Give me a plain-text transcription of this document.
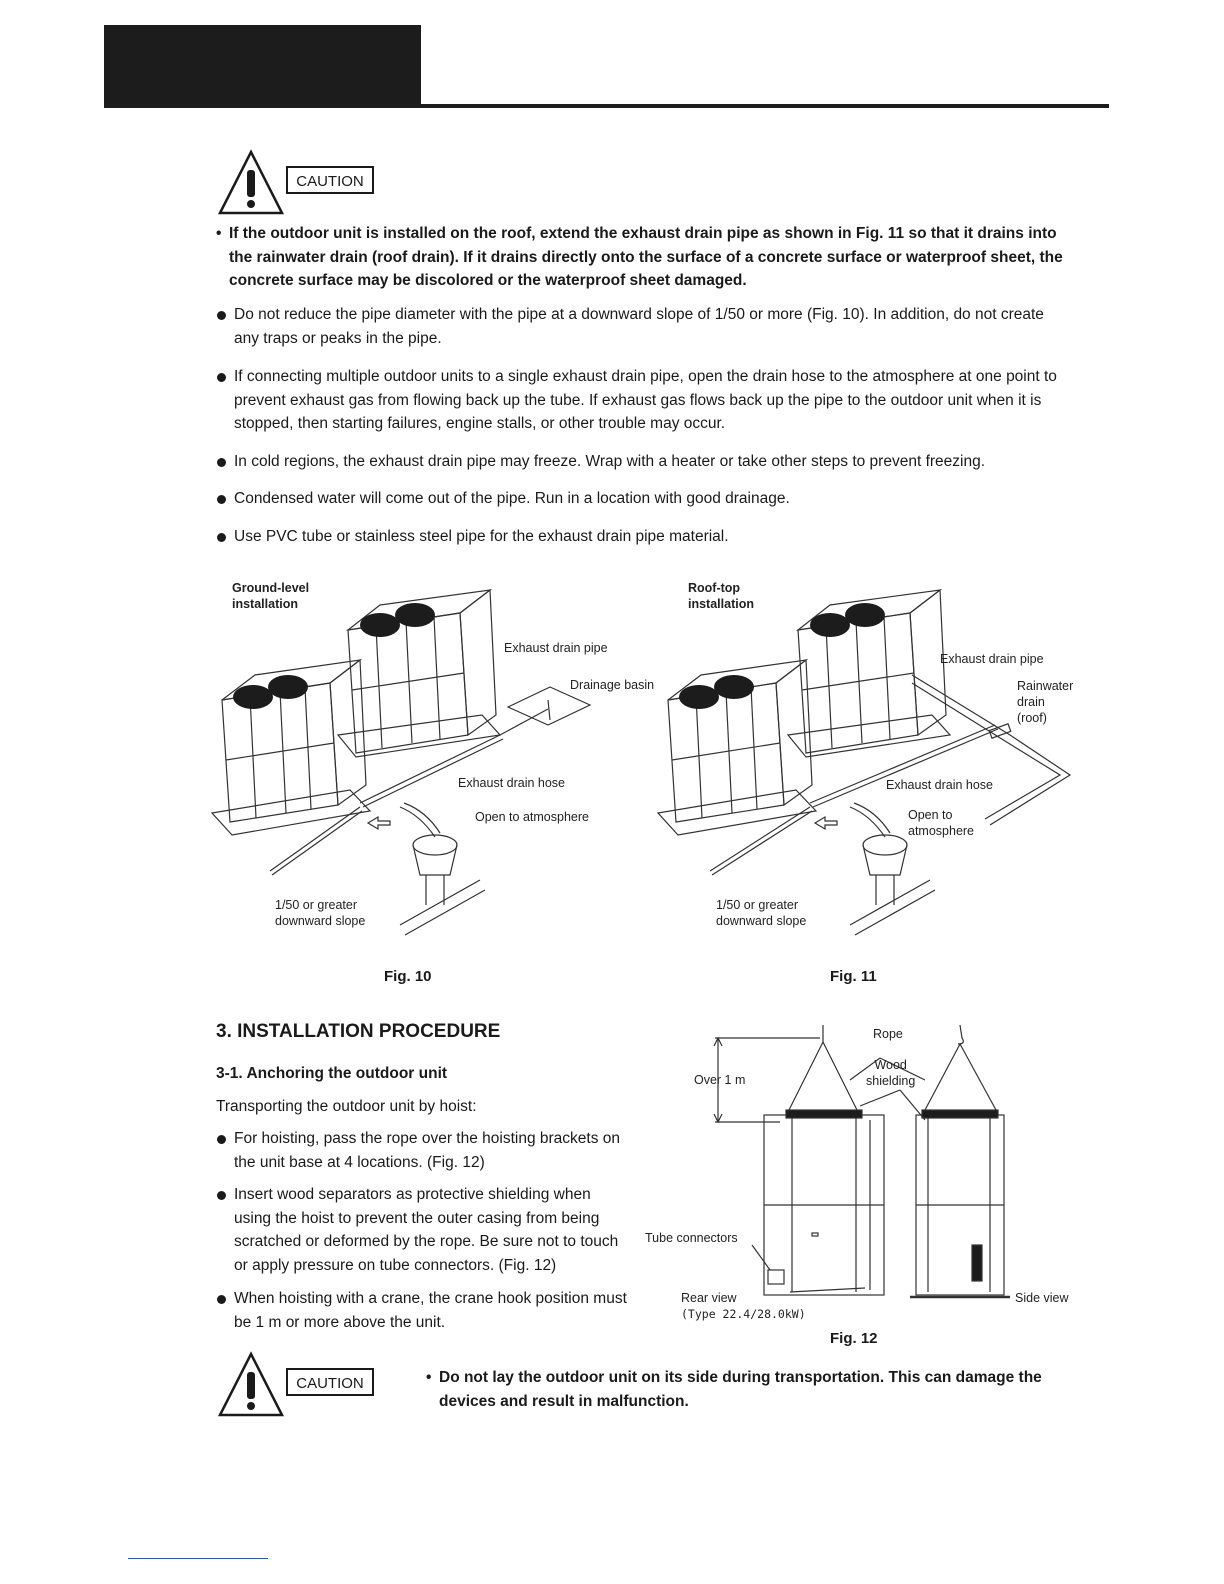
CAUTION
• If the outdoor unit is installed on the roof, extend the exhaust drain pipe as shown in Fig. 11 so that it drains into the rainwater drain (roof drain). If it drains directly onto the surface of a concrete surface or waterproof sheet, the concrete surface may be discolored or the waterproof sheet damaged.
Do not reduce the pipe diameter with the pipe at a downward slope of 1/50 or more (Fig. 10). In addition, do not create any traps or peaks in the pipe.
If connecting multiple outdoor units to a single exhaust drain pipe, open the drain hose to the atmosphere at one point to prevent exhaust gas from flowing back up the tube. If exhaust gas flows back up the pipe to the outdoor unit when it is stopped, then starting failures, engine stalls, or other trouble may occur.
In cold regions, the exhaust drain pipe may freeze. Wrap with a heater or take other steps to prevent freezing.
Condensed water will come out of the pipe. Run in a location with good drainage.
Use PVC tube or stainless steel pipe for the exhaust drain pipe material.
Ground-level
installation
Exhaust drain pipe
Drainage basin
Exhaust drain hose
Open to atmosphere
1/50 or greater
downward slope
Fig. 10
Roof-top
installation
Exhaust drain pipe
Rainwater
drain
(roof)
Exhaust drain hose
Open to
atmosphere
1/50 or greater
downward slope
Fig. 11
3. INSTALLATION PROCEDURE
3-1. Anchoring the outdoor unit
Transporting the outdoor unit by hoist:
For hoisting, pass the rope over the hoisting brackets on the unit base at 4 locations. (Fig. 12)
Insert wood separators as protective shielding when using the hoist to prevent the outer casing from being scratched or deformed by the rope. Be sure not to touch or apply pressure on tube connectors. (Fig. 12)
When hoisting with a crane, the crane hook position must be 1 m or more above the unit.
Rope
Wood
shielding
Over 1 m
Tube connectors
Rear view
(Type 22.4/28.0kW)
Side view
Fig. 12
CAUTION	• Do not lay the outdoor unit on its side during transportation. This can damage the devices and result in malfunction.
